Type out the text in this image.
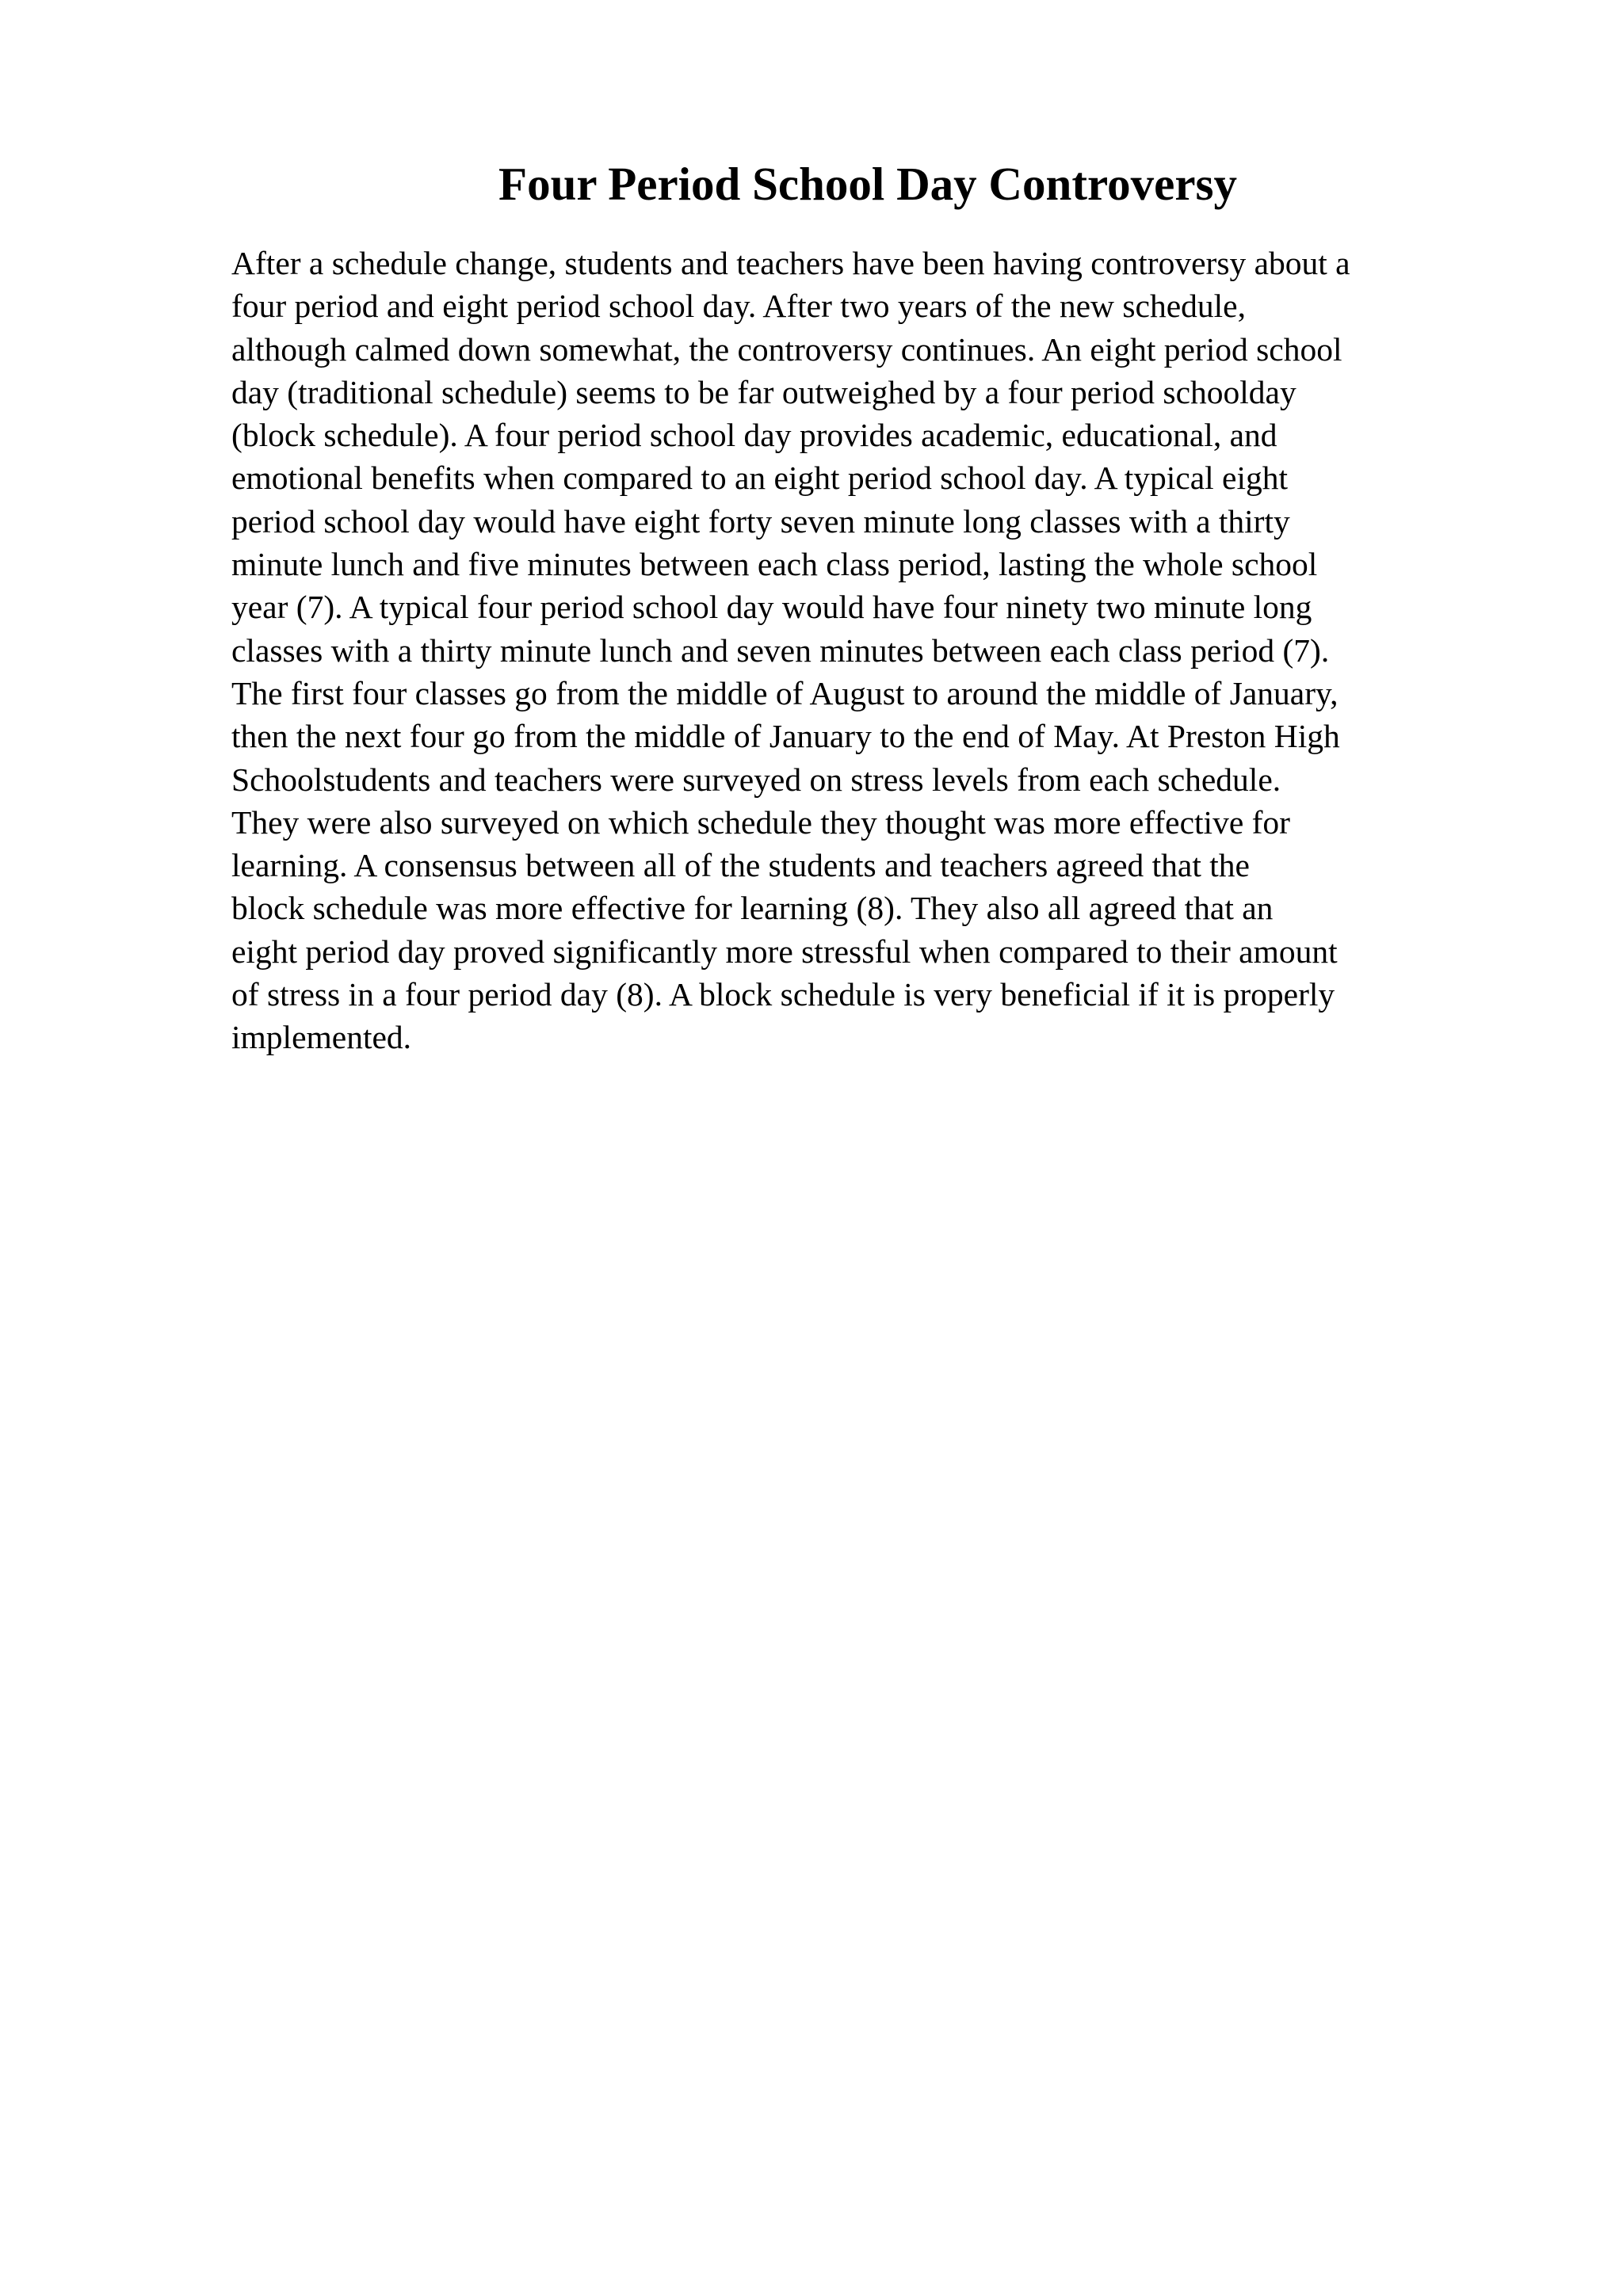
Four Period School Day Controversy

After a schedule change, students and teachers have been having controversy about a
four period and eight period school day. After two years of the new schedule,
although calmed down somewhat, the controversy continues. An eight period school
day (traditional schedule) seems to be far outweighed by a four period schoolday
(block schedule). A four period school day provides academic, educational, and
emotional benefits when compared to an eight period school day. A typical eight
period school day would have eight forty seven minute long classes with a thirty
minute lunch and five minutes between each class period, lasting the whole school
year (7). A typical four period school day would have four ninety two minute long
classes with a thirty minute lunch and seven minutes between each class period (7).
The first four classes go from the middle of August to around the middle of January,
then the next four go from the middle of January to the end of May. At Preston High
Schoolstudents and teachers were surveyed on stress levels from each schedule.
They were also surveyed on which schedule they thought was more effective for
learning. A consensus between all of the students and teachers agreed that the
block schedule was more effective for learning (8). They also all agreed that an
eight period day proved significantly more stressful when compared to their amount
of stress in a four period day (8). A block schedule is very beneficial if it is properly
implemented.
